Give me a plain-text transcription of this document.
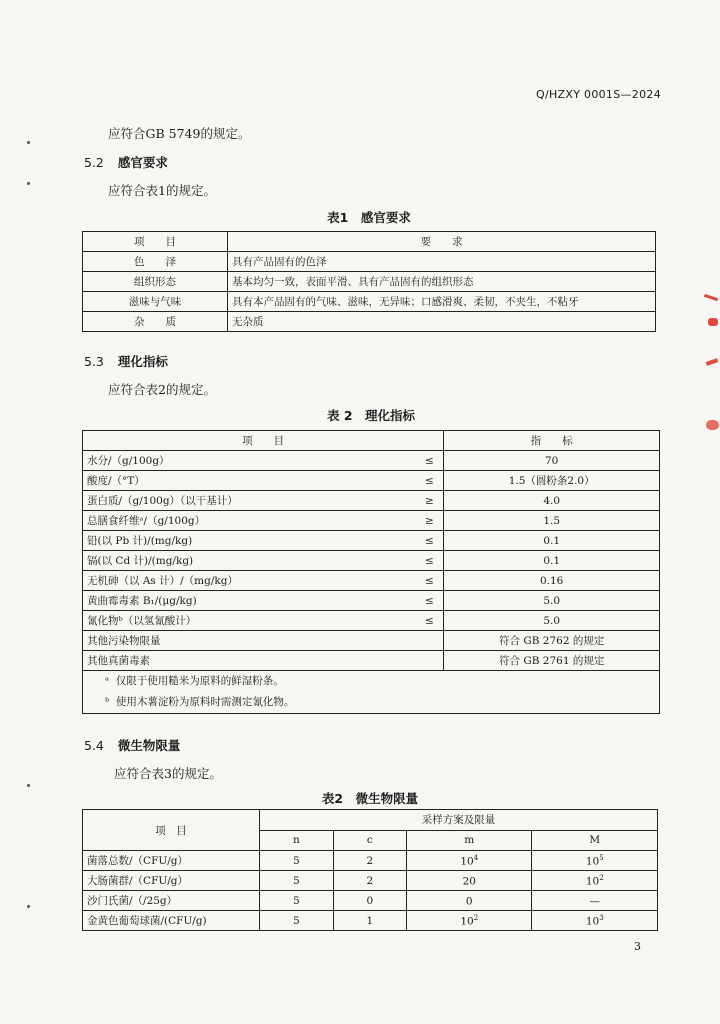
Q/HZXY 0001S—2024
应符合GB 5749的规定。
5.2 感官要求
应符合表1的规定。
表1　感官要求
项　　目	要　　求
色　　泽	具有产品固有的色泽
组织形态	基本均匀一致，表面平滑、具有产品固有的组织形态
滋味与气味	具有本产品固有的气味、滋味，无异味；口感滑爽、柔韧，不夹生，不粘牙
杂　　质	无杂质
5.3 理化指标
应符合表2的规定。
表 2　理化指标
项　　目		指　　标
水分/（g/100g）	≤	70
酸度/（°T）	≤	1.5（圆粉条2.0）
蛋白质/（g/100g）（以干基计）	≥	4.0
总膳食纤维ᵃ/（g/100g）	≥	1.5
铅(以 Pb 计)/(mg/kg)	≤	0.1
镉(以 Cd 计)/(mg/kg)	≤	0.1
无机砷（以 As 计）/（mg/kg）	≤	0.16
黄曲霉毒素 B₁/(μg/kg)	≤	5.0
氰化物ᵇ（以氢氰酸计）	≤	5.0
其他污染物限量		符合 GB 2762 的规定
其他真菌毒素		符合 GB 2761 的规定

ᵃ 仅限于使用糙米为原料的鲜湿粉条。
ᵇ 使用木薯淀粉为原料时需测定氰化物。		
5.4 微生物限量
应符合表3的规定。
表2　微生物限量
项　目	采样方案及限量			
	n	c	m	M
菌落总数/（CFU/g）	5	2	$10^4$	$10^5$
大肠菌群/（CFU/g）	5	2	20	$10^2$
沙门氏菌/（/25g）	5	0	0	—
金黄色葡萄球菌/(CFU/g)	5	1	$10^2$	$10^3$
3
